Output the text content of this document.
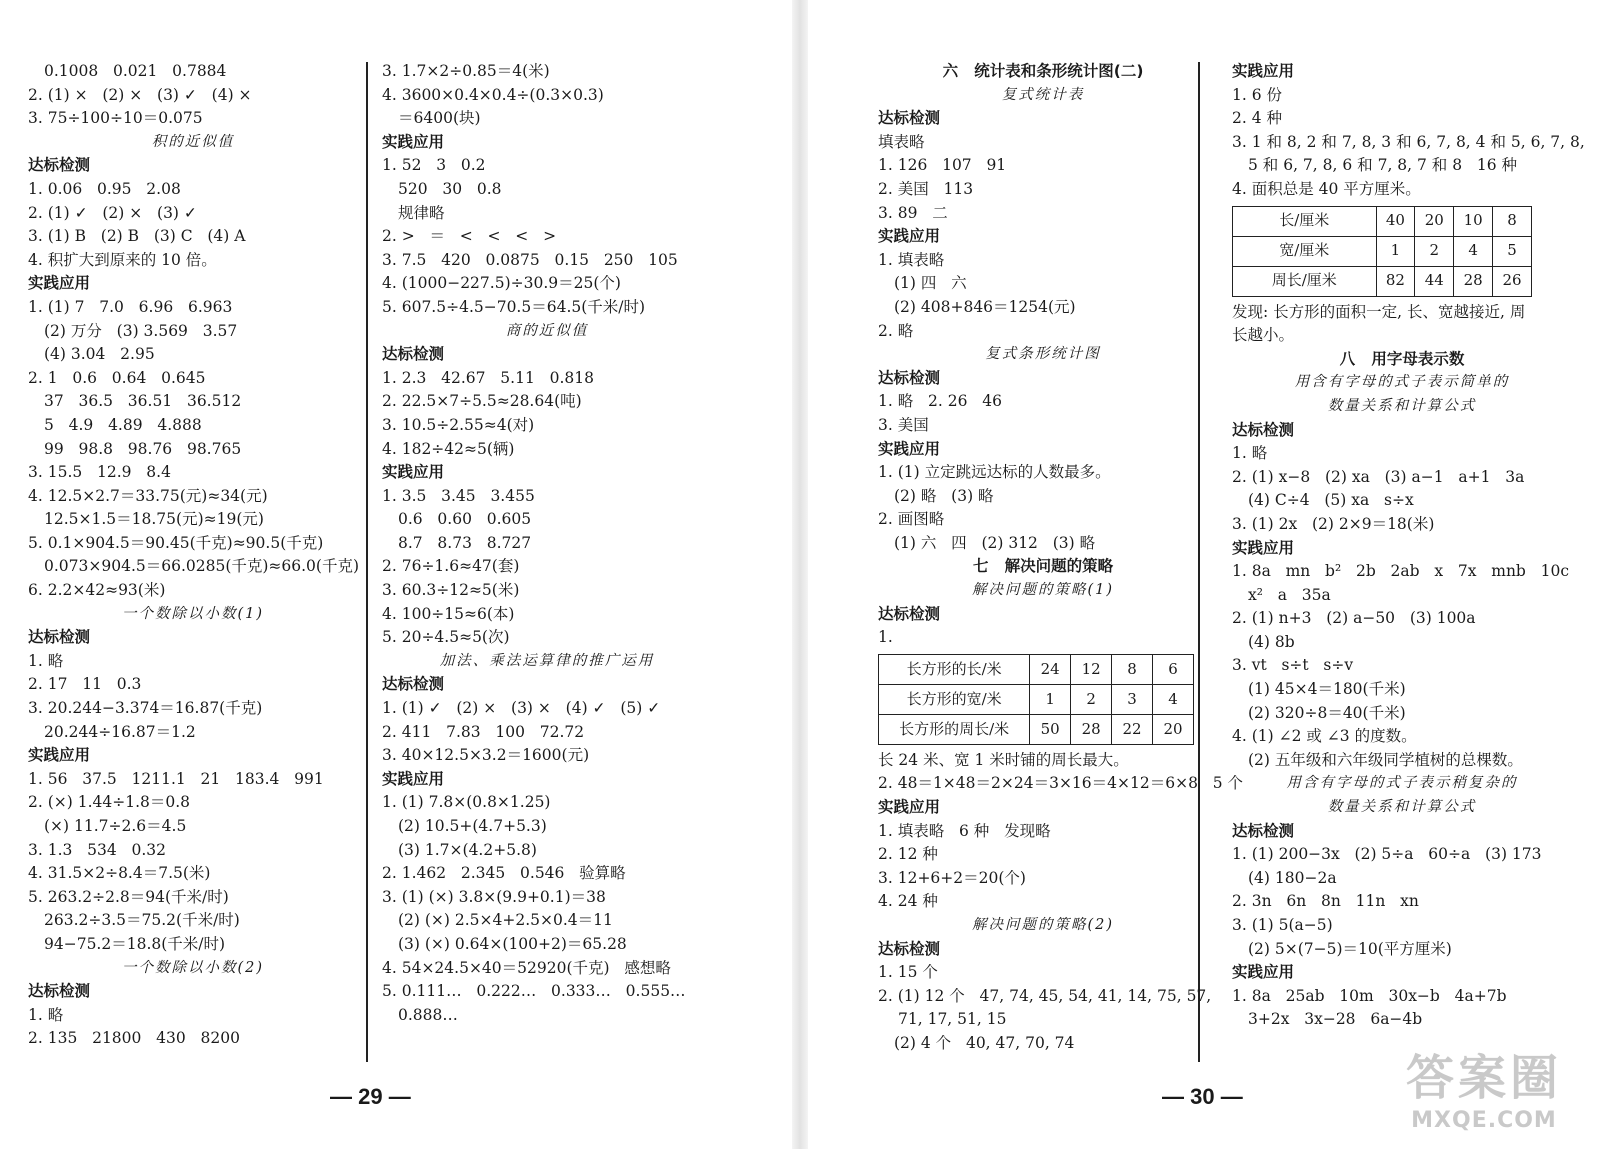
0.1008   0.021   0.7884
2. (1) ×   (2) ×   (3) ✓   (4) ×
3. 75÷100÷10＝0.075
积的近似值
达标检测
1. 0.06   0.95   2.08
2. (1) ✓   (2) ×   (3) ✓
3. (1) B   (2) B   (3) C   (4) A
4. 积扩大到原来的 10 倍。
实践应用
1. (1) 7   7.0   6.96   6.963
(2) 万分   (3) 3.569   3.57
(4) 3.04   2.95
2. 1   0.6   0.64   0.645
37   36.5   36.51   36.512
5   4.9   4.89   4.888
99   98.8   98.76   98.765
3. 15.5   12.9   8.4
4. 12.5×2.7＝33.75(元)≈34(元)
12.5×1.5＝18.75(元)≈19(元)
5. 0.1×904.5＝90.45(千克)≈90.5(千克)
0.073×904.5＝66.0285(千克)≈66.0(千克)
6. 2.2×42≈93(米)
一个数除以小数(1)
达标检测
1. 略
2. 17   11   0.3
3. 20.244−3.374＝16.87(千克)
20.244÷16.87＝1.2
实践应用
1. 56   37.5   1211.1   21   183.4   991
2. (×) 1.44÷1.8＝0.8
(×) 11.7÷2.6＝4.5
3. 1.3   534   0.32
4. 31.5×2÷8.4＝7.5(米)
5. 263.2÷2.8＝94(千米/时)
263.2÷3.5＝75.2(千米/时)
94−75.2＝18.8(千米/时)
一个数除以小数(2)
达标检测
1. 略
2. 135   21800   430   8200
3. 1.7×2÷0.85＝4(米)
4. 3600×0.4×0.4÷(0.3×0.3)
＝6400(块)
实践应用
1. 52   3   0.2
520   30   0.8
规律略
2. >   ＝   <   <   <   >
3. 7.5   420   0.0875   0.15   250   105
4. (1000−227.5)÷30.9＝25(个)
5. 607.5÷4.5−70.5＝64.5(千米/时)
商的近似值
达标检测
1. 2.3   42.67   5.11   0.818
2. 22.5×7÷5.5≈28.64(吨)
3. 10.5÷2.55≈4(对)
4. 182÷42≈5(辆)
实践应用
1. 3.5   3.45   3.455
0.6   0.60   0.605
8.7   8.73   8.727
2. 76÷1.6≈47(套)
3. 60.3÷12≈5(米)
4. 100÷15≈6(本)
5. 20÷4.5≈5(次)
加法、乘法运算律的推广运用
达标检测
1. (1) ✓   (2) ×   (3) ×   (4) ✓   (5) ✓
2. 411   7.83   100   72.72
3. 40×12.5×3.2＝1600(元)
实践应用
1. (1) 7.8×(0.8×1.25)
(2) 10.5+(4.7+5.3)
(3) 1.7×(4.2+5.8)
2. 1.462   2.345   0.546   验算略
3. (1) (×) 3.8×(9.9+0.1)＝38
(2) (×) 2.5×4+2.5×0.4＝11
(3) (×) 0.64×(100+2)＝65.28
4. 54×24.5×40＝52920(千克)   感想略
5. 0.111…   0.222…   0.333…   0.555…
0.888…
六   统计表和条形统计图(二)
复式统计表
达标检测
填表略
1. 126   107   91
2. 美国   113
3. 89   二
实践应用
1. 填表略
(1) 四   六
(2) 408+846＝1254(元)
2. 略
复式条形统计图
达标检测
1. 略   2. 26   46
3. 美国
实践应用
1. (1) 立定跳远达标的人数最多。
(2) 略   (3) 略
2. 画图略
(1) 六   四   (2) 312   (3) 略
七   解决问题的策略
解决问题的策略(1)
达标检测
1.
长方形的长/米	24	12	8	6
长方形的宽/米	1	2	3	4
长方形的周长/米	50	28	22	20
长 24 米、宽 1 米时铺的周长最大。
2. 48＝1×48＝2×24＝3×16＝4×12＝6×8   5 个
实践应用
1. 填表略   6 种   发现略
2. 12 种
3. 12+6+2＝20(个)
4. 24 种
解决问题的策略(2)
达标检测
1. 15 个
2. (1) 12 个   47, 74, 45, 54, 41, 14, 75, 57,
71, 17, 51, 15
(2) 4 个   40, 47, 70, 74
实践应用
1. 6 份
2. 4 种
3. 1 和 8, 2 和 7, 8, 3 和 6, 7, 8, 4 和 5, 6, 7, 8,
5 和 6, 7, 8, 6 和 7, 8, 7 和 8   16 种
4. 面积总是 40 平方厘米。
长/厘米	40	20	10	8
宽/厘米	1	2	4	5
周长/厘米	82	44	28	26
发现: 长方形的面积一定, 长、宽越接近, 周
长越小。
八   用字母表示数
用含有字母的式子表示简单的
数量关系和计算公式
达标检测
1. 略
2. (1) x−8   (2) xa   (3) a−1   a+1   3a
(4) C÷4   (5) xa   s÷x
3. (1) 2x   (2) 2×9＝18(米)
实践应用
1. 8a   mn   b²   2b   2ab   x   7x   mnb   10c
x²   a   35a
2. (1) n+3   (2) a−50   (3) 100a
(4) 8b
3. vt   s÷t   s÷v
(1) 45×4＝180(千米)
(2) 320÷8＝40(千米)
4. (1) ∠2 或 ∠3 的度数。
(2) 五年级和六年级同学植树的总棵数。
用含有字母的式子表示稍复杂的
数量关系和计算公式
达标检测
1. (1) 200−3x   (2) 5÷a   60÷a   (3) 173
(4) 180−2a
2. 3n   6n   8n   11n   xn
3. (1) 5(a−5)
(2) 5×(7−5)＝10(平方厘米)
实践应用
1. 8a   25ab   10m   30x−b   4a+7b
3+2x   3x−28   6a−4b
— 29 —	— 30 —	答案圈
MXQE.COM
